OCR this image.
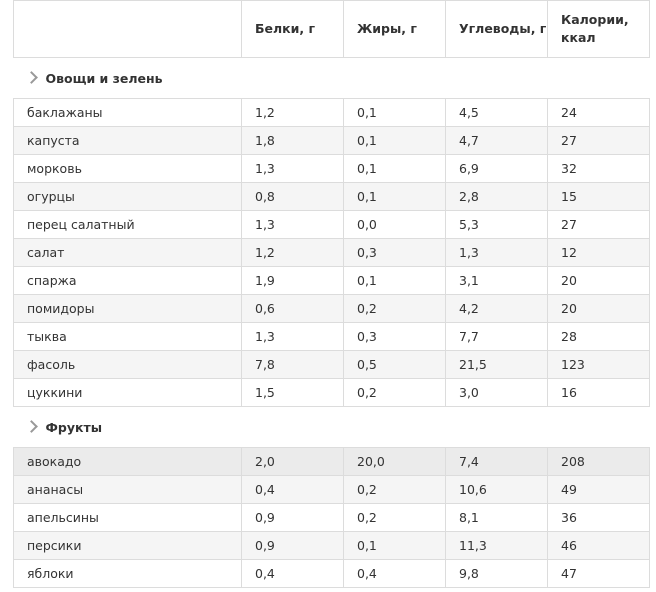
	Белки, г	Жиры, г	Углеводы, г	Калории, ккал
Овощи и зелень				
баклажаны	1,2	0,1	4,5	24
капуста	1,8	0,1	4,7	27
морковь	1,3	0,1	6,9	32
огурцы	0,8	0,1	2,8	15
перец салатный	1,3	0,0	5,3	27
салат	1,2	0,3	1,3	12
спаржа	1,9	0,1	3,1	20
помидоры	0,6	0,2	4,2	20
тыква	1,3	0,3	7,7	28
фасоль	7,8	0,5	21,5	123
цуккини	1,5	0,2	3,0	16
Фрукты				
авокадо	2,0	20,0	7,4	208
ананасы	0,4	0,2	10,6	49
апельсины	0,9	0,2	8,1	36
персики	0,9	0,1	11,3	46
яблоки	0,4	0,4	9,8	47
